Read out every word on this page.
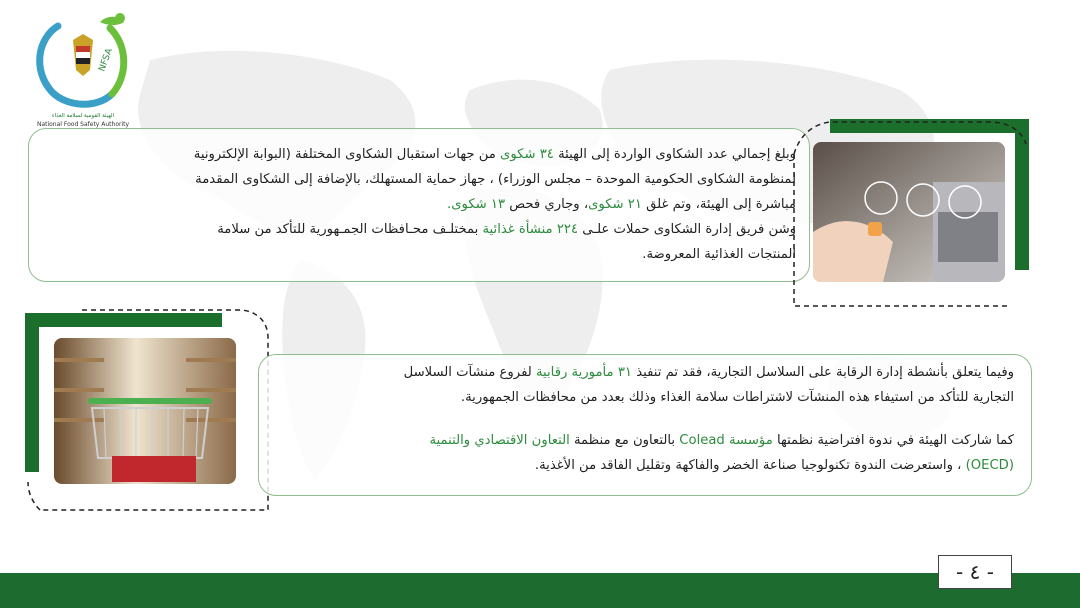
NFSA
الهيئة القومية لسلامة الغذاء
National Food Safety Authority
وبلغ إجمالي عدد الشكاوى الواردة إلى الهيئة ٣٤ شكوى من جهات استقبال الشكاوى المختلفة (البوابة الإلكترونية
لمنظومة الشكاوى الحكومية الموحدة – مجلس الوزراء) ، جهاز حماية المستهلك، بالإضافة إلى الشكاوى المقدمة
مباشرة إلى الهيئة، وتم غلق ٢١ شكوى، وجاري فحص ١٣ شكوى.
وشن فريق إدارة الشكاوى حملات علـى ٢٢٤ منشأة غذائية بمختلـف محـافظات الجمـهورية للتأكد من سلامة
المنتجات الغذائية المعروضة.
وفيما يتعلق بأنشطة إدارة الرقابة على السلاسل التجارية، فقد تم تنفيذ ٣١ مأمورية رقابية لفروع منشآت السلاسل
التجارية للتأكد من استيفاء هذه المنشآت لاشتراطات سلامة الغذاء وذلك بعدد من محافظات الجمهورية.
كما شاركت الهيئة في ندوة افتراضية نظمتها مؤسسة Colead بالتعاون مع منظمة التعاون الاقتصادي والتنمية
(OECD) ، واستعرضت الندوة تكنولوجيا صناعة الخضر والفاكهة وتقليل الفاقد من الأغذية.
- ٤ -
